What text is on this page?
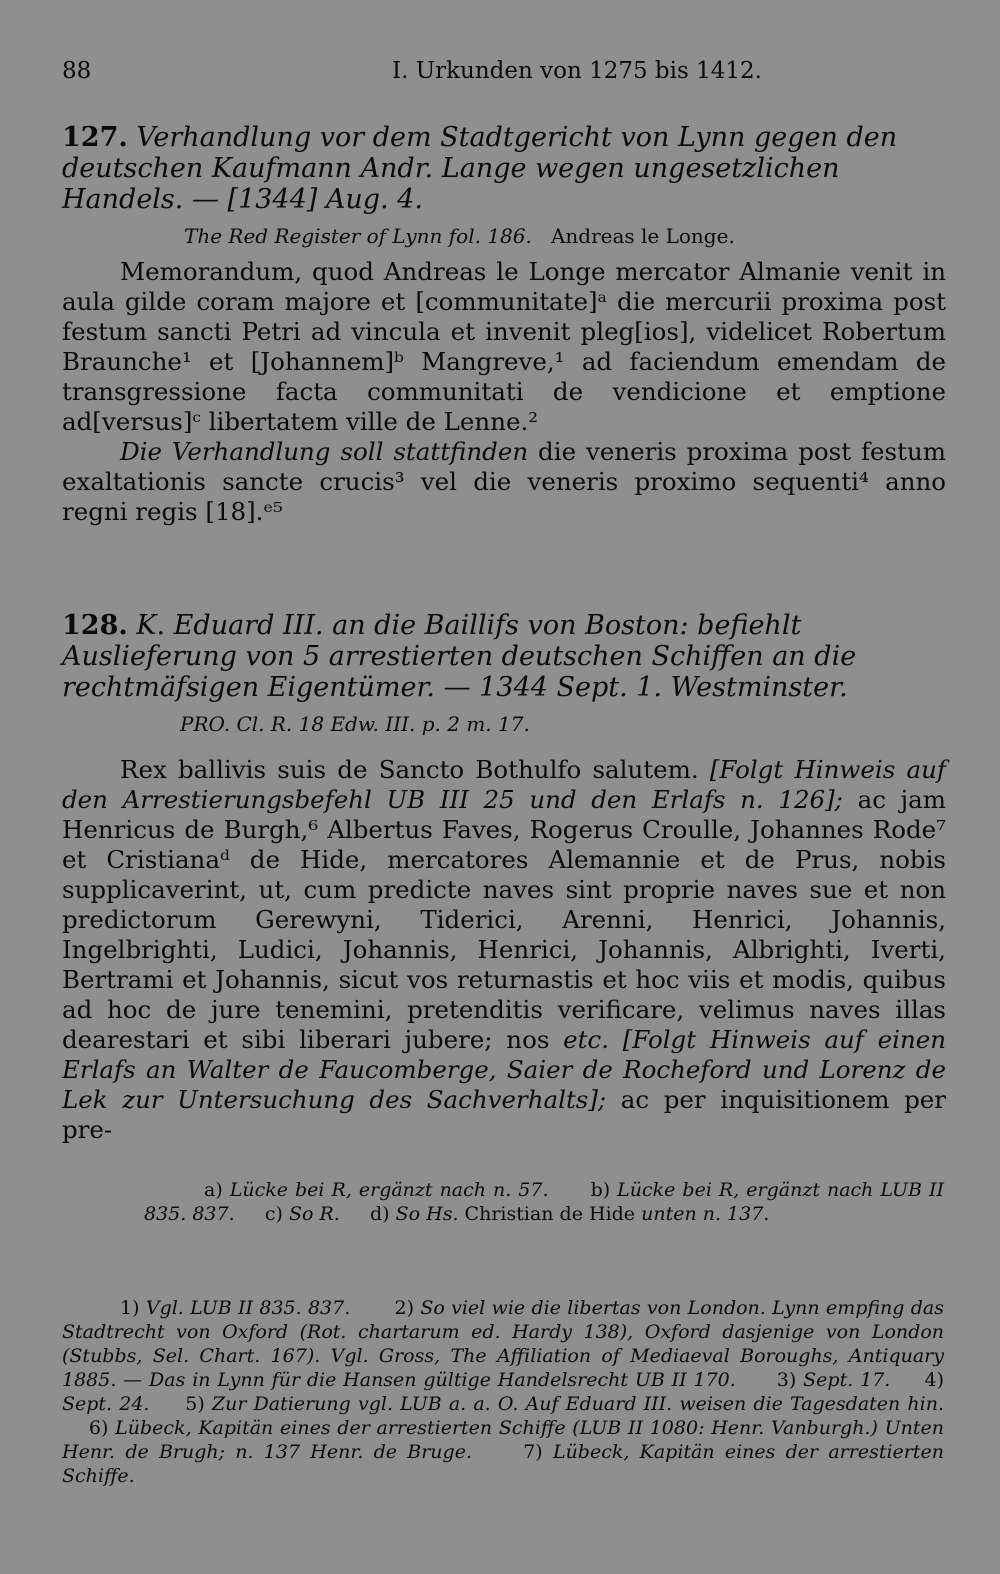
88	I. Urkunden von 1275 bis 1412.

127. Verhandlung vor dem Stadtgericht von Lynn gegen den deutschen Kaufmann Andr. Lange wegen ungesetzlichen Handels. — [1344] Aug. 4.

The Red Register of Lynn fol. 186. Andreas le Longe.

Memorandum, quod Andreas le Longe mercator Almanie venit in aula gilde coram majore et [communitate]ᵃ die mercurii proxima post festum sancti Petri ad vincula et invenit pleg[ios], videlicet Robertum Braunche¹ et [Johannem]ᵇ Mangreve,¹ ad faciendum emendam de transgressione facta communitati de vendicione et emptione ad[versus]ᶜ libertatem ville de Lenne.²

Die Verhandlung soll stattfinden die veneris proxima post festum exaltationis sancte crucis³ vel die veneris proximo sequenti⁴ anno regni regis [18].ᵉ⁵

128. K. Eduard III. an die Baillifs von Boston: befiehlt Auslieferung von 5 arrestierten deutschen Schiffen an die rechtmäfsigen Eigentümer. — 1344 Sept. 1. Westminster.

PRO. Cl. R. 18 Edw. III. p. 2 m. 17.

Rex ballivis suis de Sancto Bothulfo salutem. [Folgt Hinweis auf den Arrestierungsbefehl UB III 25 und den Erlafs n. 126]; ac jam Henricus de Burgh,⁶ Albertus Faves, Rogerus Croulle, Johannes Rode⁷ et Cristianaᵈ de Hide, mercatores Alemannie et de Prus, nobis supplicaverint, ut, cum predicte naves sint proprie naves sue et non predictorum Gerewyni, Tiderici, Arenni, Henrici, Johannis, Ingelbrighti, Ludici, Johannis, Henrici, Johannis, Albrighti, Iverti, Bertrami et Johannis, sicut vos returnastis et hoc viis et modis, quibus ad hoc de jure tenemini, pretenditis verificare, velimus naves illas dearestari et sibi liberari jubere; nos etc. [Folgt Hinweis auf einen Erlafs an Walter de Faucomberge, Saier de Rocheford und Lorenz de Lek zur Untersuchung des Sachverhalts]; ac per inquisitionem per pre-

a) Lücke bei R, ergänzt nach n. 57. b) Lücke bei R, ergänzt nach LUB II 835. 837. c) So R. d) So Hs. Christian de Hide unten n. 137.
1) Vgl. LUB II 835. 837. 2) So viel wie die libertas von London. Lynn empfing das Stadtrecht von Oxford (Rot. chartarum ed. Hardy 138), Oxford dasjenige von London (Stubbs, Sel. Chart. 167). Vgl. Gross, The Affiliation of Mediaeval Boroughs, Antiquary 1885. — Das in Lynn für die Hansen gültige Handelsrecht UB II 170. 3) Sept. 17. 4) Sept. 24. 5) Zur Datierung vgl. LUB a. a. O. Auf Eduard III. weisen die Tagesdaten hin.     6) Lübeck, Kapitän eines der arrestierten Schiffe (LUB II 1080: Henr. Vanburgh.) Unten Henr. de Brugh; n. 137 Henr. de Bruge.	7) Lübeck, Kapitän eines der arrestierten Schiffe.
